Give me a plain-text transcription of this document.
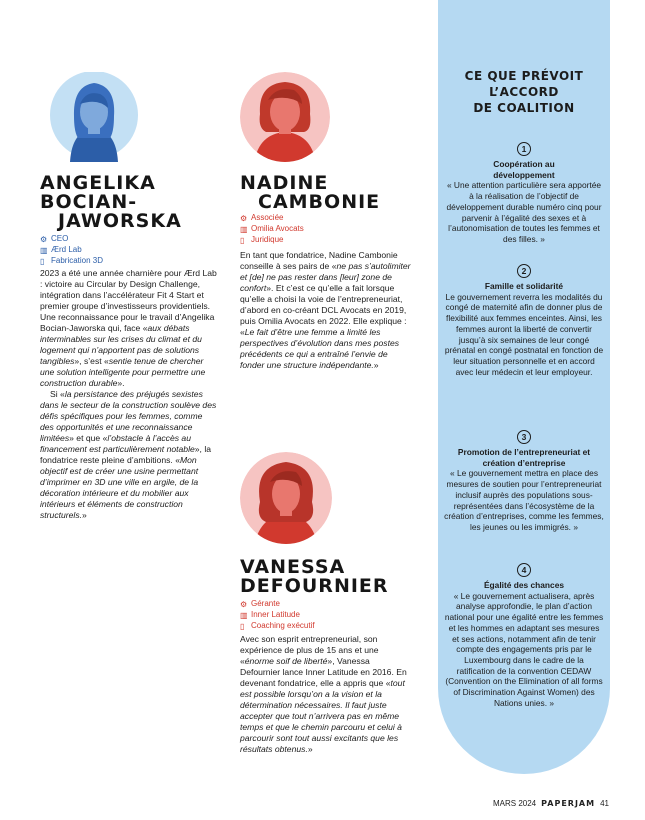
ANGELIKA
BOCIAN-
JAWORSKA
⚙ CEO
▥ Ærd Lab
▯ Fabrication 3D

2023 a été une année charnière pour Ærd Lab : victoire au Circular by Design Challenge, intégration dans l’accélérateur Fit 4 Start et premier groupe d’investisseurs providentiels. Une reconnaissance pour le travail d’Angelika Bocian-Jaworska qui, face «aux débats interminables sur les crises du climat et du logement qui n’apportent pas de solutions tangibles», s’est «sentie tenue de chercher une solution intelligente pour permettre une construction durable».

Si «la persistance des préjugés sexistes dans le secteur de la construction soulève des défis spécifiques pour les femmes, comme des opportunités et une reconnaissance limitées» et que «l’obstacle à l’accès au financement est particulièrement notable», la fondatrice reste pleine d’ambitions. «Mon objectif est de créer une usine permettant d’imprimer en 3D une ville en argile, de la décoration intérieure et du mobilier aux intérieurs et éléments de construction structurels.»

NADINE
CAMBONIE
⚙ Associée
▥ Omilia Avocats
▯ Juridique

En tant que fondatrice, Nadine Cambonie conseille à ses pairs de «ne pas s’autolimiter et [de] ne pas rester dans [leur] zone de confort». Et c’est ce qu’elle a fait lorsque qu’elle a choisi la voie de l’entrepreneuriat, d’abord en co-créant DCL Avocats en 2019, puis Omilia Avocats en 2022. Elle explique : «Le fait d’être une femme a limité les perspectives d’évolution dans mes postes précédents ce qui a entraîné l’envie de fonder une structure indépendante.»

VANESSA
DEFOURNIER
⚙ Gérante
▥ Inner Latitude
▯ Coaching exécutif

Avec son esprit entrepreneurial, son expérience de plus de 15 ans et une «énorme soif de liberté», Vanessa Defournier lance Inner Latitude en 2016. En devenant fondatrice, elle a appris que «tout est possible lorsqu’on a la vision et la détermination nécessaires. Il faut juste accepter que tout n’arrivera pas en même temps et que le chemin parcouru et celui à parcourir sont tout aussi excitants que les résultats obtenus.»

CE QUE PRÉVOIT
L’ACCORD
DE COALITION
1
Coopération au développement
« Une attention particulière sera apportée à la réalisation de l’objectif de développement durable numéro cinq pour parvenir à l’égalité des sexes et à l’autonomisation de toutes les femmes et des filles. »
2
Famille et solidarité
Le gouvernement reverra les modalités du congé de maternité afin de donner plus de flexibilité aux femmes enceintes. Ainsi, les femmes auront la liberté de convertir jusqu’à six semaines de leur congé prénatal en congé postnatal en fonction de leur situation personnelle et en accord avec leur médecin et leur employeur.
3
Promotion de l’entrepreneuriat et création d’entreprise
« Le gouvernement mettra en place des mesures de soutien pour l’entrepreneuriat inclusif auprès des populations sous-représentées dans l’écosystème de la création d’entreprises, comme les femmes, les jeunes ou les immigrés. »
4
Égalité des chances
« Le gouvernement actualisera, après analyse approfondie, le plan d’action national pour une égalité entre les femmes et les hommes en adaptant ses mesures et ses actions, notamment afin de tenir compte des engagements pris par le Luxembourg dans le cadre de la ratification de la convention CEDAW (Convention on the Elimination of all forms of Discrimination Against Women) des Nations unies. »
MARS 2024 PAPERJAM 41
